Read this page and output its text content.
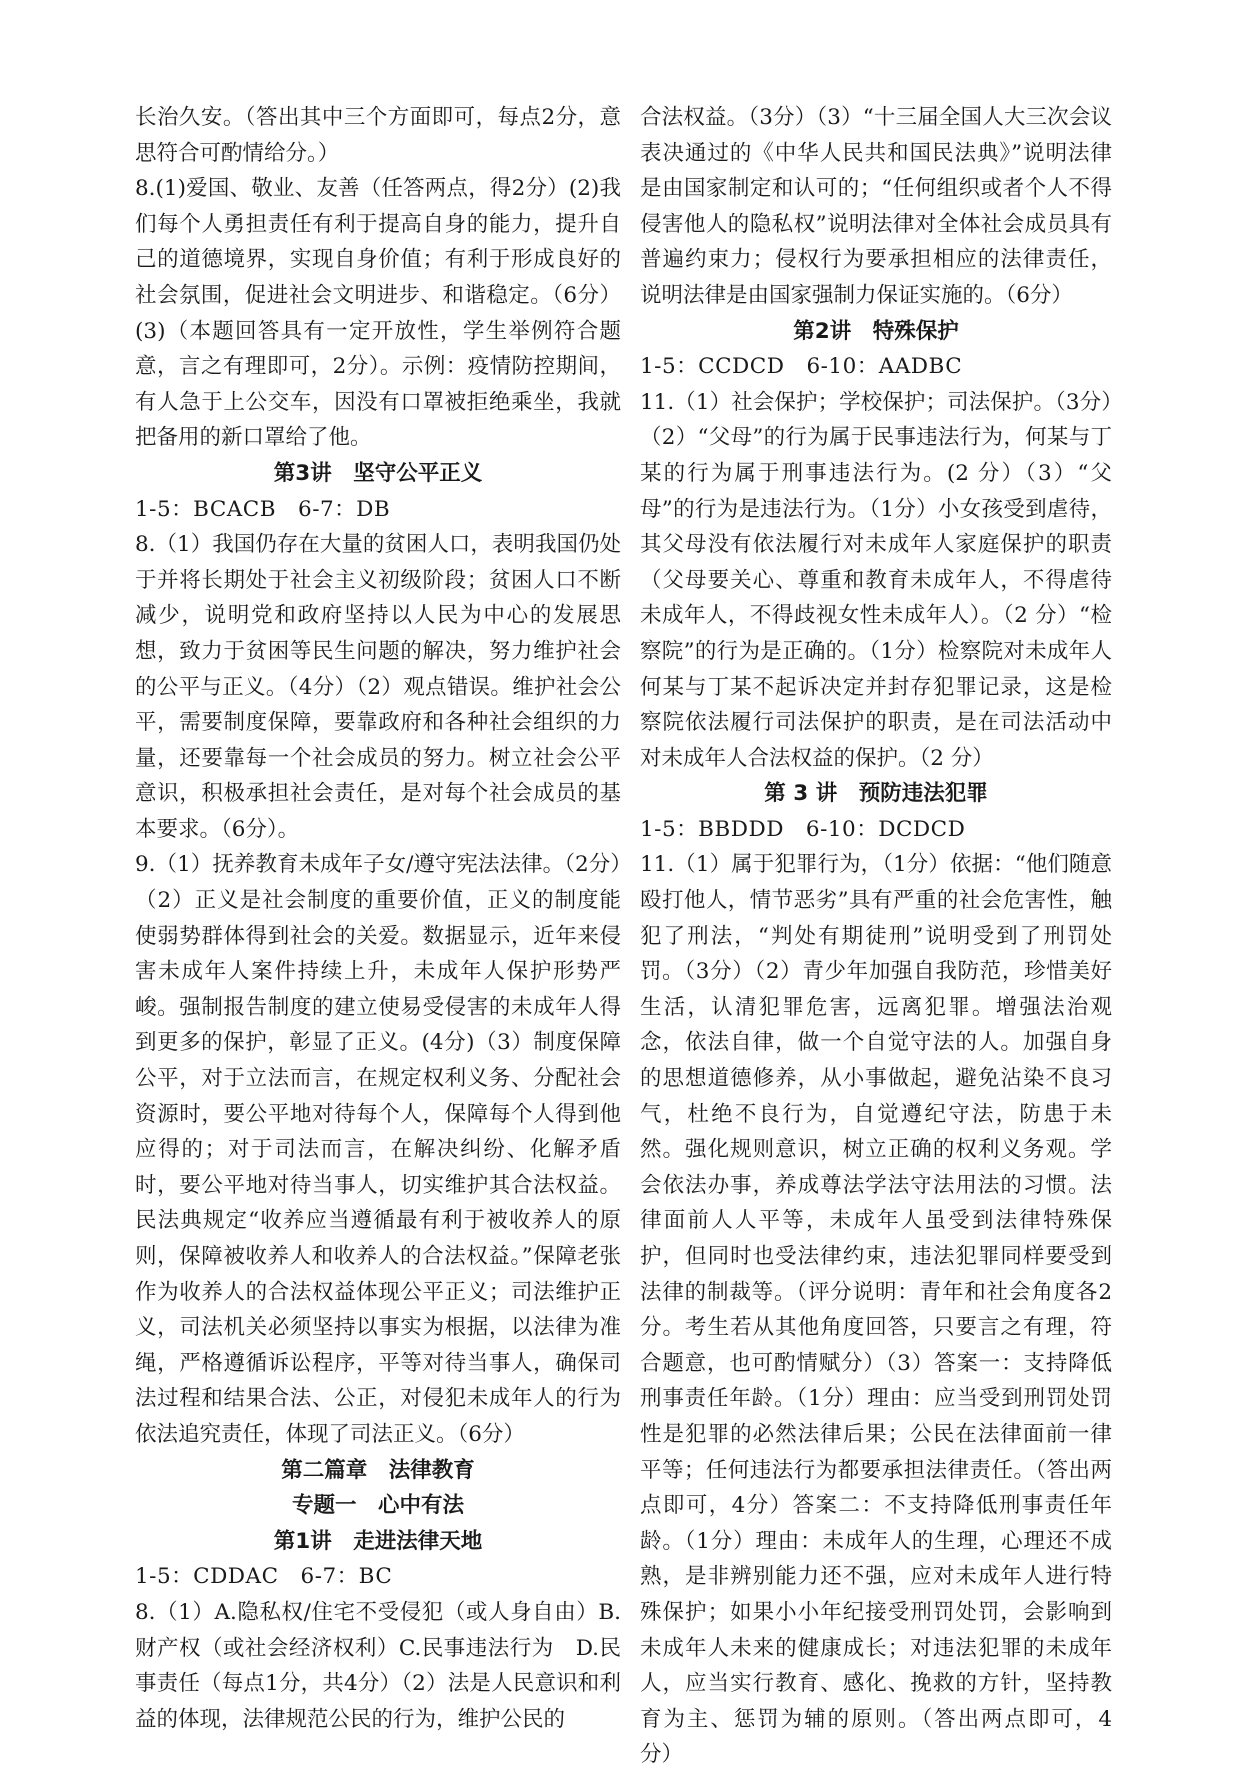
长治久安。（答出其中三个方面即可，每点2分，意思符合可酌情给分。）

8.(1)爱国、敬业、友善（任答两点，得2分）(2)我们每个人勇担责任有利于提高自身的能力，提升自己的道德境界，实现自身价值；有利于形成良好的社会氛围，促进社会文明进步、和谐稳定。（6分）(3)（本题回答具有一定开放性，学生举例符合题意，言之有理即可，2分）。示例：疫情防控期间，有人急于上公交车，因没有口罩被拒绝乘坐，我就把备用的新口罩给了他。

第3讲　坚守公平正义

1-5：BCACB　6-7：DB

8.（1）我国仍存在大量的贫困人口，表明我国仍处于并将长期处于社会主义初级阶段；贫困人口不断减少，说明党和政府坚持以人民为中心的发展思想，致力于贫困等民生问题的解决，努力维护社会的公平与正义。（4分）（2）观点错误。维护社会公平，需要制度保障，要靠政府和各种社会组织的力量，还要靠每一个社会成员的努力。树立社会公平意识，积极承担社会责任，是对每个社会成员的基本要求。（6分）。

9.（1）抚养教育未成年子女/遵守宪法法律。（2分）（2）正义是社会制度的重要价值，正义的制度能使弱势群体得到社会的关爱。数据显示，近年来侵害未成年人案件持续上升，未成年人保护形势严峻。强制报告制度的建立使易受侵害的未成年人得到更多的保护，彰显了正义。(4分)（3）制度保障公平，对于立法而言，在规定权利义务、分配社会资源时，要公平地对待每个人，保障每个人得到他应得的；对于司法而言，在解决纠纷、化解矛盾时，要公平地对待当事人，切实维护其合法权益。民法典规定“收养应当遵循最有利于被收养人的原则，保障被收养人和收养人的合法权益。”保障老张作为收养人的合法权益体现公平正义；司法维护正义，司法机关必须坚持以事实为根据，以法律为准绳，严格遵循诉讼程序，平等对待当事人，确保司法过程和结果合法、公正，对侵犯未成年人的行为依法追究责任，体现了司法正义。（6分）

第二篇章　法律教育
专题一　心中有法
第1讲　走进法律天地

1-5：CDDAC　6-7：BC

8.（1）A.隐私权/住宅不受侵犯（或人身自由）B.财产权（或社会经济权利）C.民事违法行为　D.民事责任（每点1分，共4分）（2）法是人民意识和利益的体现，法律规范公民的行为，维护公民的

合法权益。（3分）（3）“十三届全国人大三次会议表决通过的《中华人民共和国民法典》”说明法律是由国家制定和认可的；“任何组织或者个人不得侵害他人的隐私权”说明法律对全体社会成员具有普遍约束力；侵权行为要承担相应的法律责任，说明法律是由国家强制力保证实施的。（6分）

第2讲　特殊保护

1-5：CCDCD　6-10：AADBC

11.（1）社会保护；学校保护；司法保护。（3分）（2）“父母”的行为属于民事违法行为，何某与丁某的行为属于刑事违法行为。(2 分）（3）“父母”的行为是违法行为。（1分）小女孩受到虐待，其父母没有依法履行对未成年人家庭保护的职责（父母要关心、尊重和教育未成年人，不得虐待未成年人，不得歧视女性未成年人）。（2 分）“检察院”的行为是正确的。（1分）检察院对未成年人何某与丁某不起诉决定并封存犯罪记录，这是检察院依法履行司法保护的职责，是在司法活动中对未成年人合法权益的保护。（2 分）

第 3 讲　预防违法犯罪

1-5：BBDDD　6-10：DCDCD

11.（1）属于犯罪行为，（1分）依据：“他们随意殴打他人，情节恶劣”具有严重的社会危害性，触犯了刑法，“判处有期徒刑”说明受到了刑罚处罚。（3分）（2）青少年加强自我防范，珍惜美好生活，认清犯罪危害，远离犯罪。增强法治观念，依法自律，做一个自觉守法的人。加强自身的思想道德修养，从小事做起，避免沾染不良习气，杜绝不良行为，自觉遵纪守法，防患于未然。强化规则意识，树立正确的权利义务观。学会依法办事，养成尊法学法守法用法的习惯。法律面前人人平等，未成年人虽受到法律特殊保护，但同时也受法律约束，违法犯罪同样要受到法律的制裁等。（评分说明：青年和社会角度各2分。考生若从其他角度回答，只要言之有理，符合题意，也可酌情赋分）（3）答案一：支持降低刑事责任年龄。（1分）理由：应当受到刑罚处罚性是犯罪的必然法律后果；公民在法律面前一律平等；任何违法行为都要承担法律责任。（答出两点即可，4分）答案二：不支持降低刑事责任年龄。（1分）理由：未成年人的生理，心理还不成熟，是非辨别能力还不强，应对未成年人进行特殊保护；如果小小年纪接受刑罚处罚，会影响到未成年人未来的健康成长；对违法犯罪的未成年人，应当实行教育、感化、挽救的方针，坚持教育为主、惩罚为辅的原则。（答出两点即可，4 分）
